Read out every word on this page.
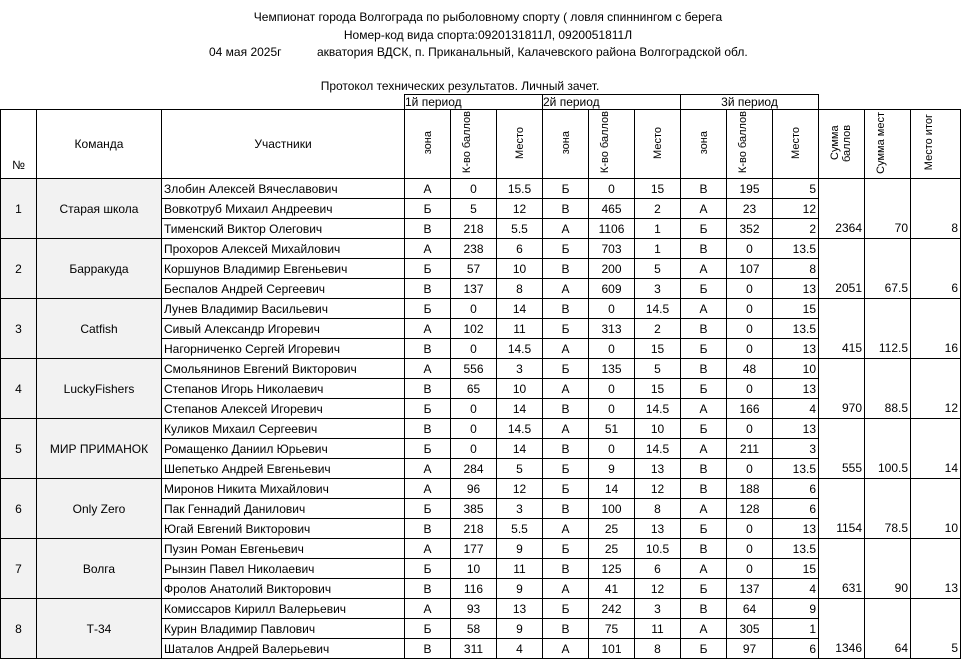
Чемпионат города Волгограда по рыболовному спорту ( ловля спиннингом с берега
Номер-код вида спорта:0920131811Л, 0920051811Л
04 мая 2025г	акватория ВДСК, п. Приканальный, Калачевского района Волгоградской обл.
Протокол технических результатов. Личный зачет.
			1й период			2й период			3й период					
№	Команда	Участники	зона	К-во баллов	Место	зона	К-во баллов	Место	зона	К-во баллов	Место	Сумма баллов	Сумма мест	Место итог
1	Старая школа	Злобин Алексей Вячеславович	А	0	15.5	Б	0	15	В	195	5			
		Вовкотруб Михаил Андреевич	Б	5	12	В	465	2	А	23	12			
		Тименский Виктор Олегович	В	218	5.5	А	1106	1	Б	352	2	2364	70	8
2	Барракуда	Прохоров Алексей Михайлович	А	238	6	Б	703	1	В	0	13.5			
		Коршунов Владимир Евгеньевич	Б	57	10	В	200	5	А	107	8			
		Беспалов Андрей Сергеевич	В	137	8	А	609	3	Б	0	13	2051	67.5	6
3	Catfish	Лунев Владимир Васильевич	Б	0	14	В	0	14.5	А	0	15			
		Сивый Александр Игоревич	А	102	11	Б	313	2	В	0	13.5			
		Нагорниченко Сергей Игоревич	В	0	14.5	А	0	15	Б	0	13	415	112.5	16
4	LuckyFishers	Смольянинов Евгений Викторович	А	556	3	Б	135	5	В	48	10			
		Степанов Игорь Николаевич	В	65	10	А	0	15	Б	0	13			
		Степанов Алексей Игоревич	Б	0	14	В	0	14.5	А	166	4	970	88.5	12
5	МИР ПРИМАНОК	Куликов Михаил Сергеевич	В	0	14.5	А	51	10	Б	0	13			
		Ромащенко Даниил Юрьевич	Б	0	14	В	0	14.5	А	211	3			
		Шепетько Андрей Евгеньевич	А	284	5	Б	9	13	В	0	13.5	555	100.5	14
6	Only Zero	Миронов Никита Михайлович	А	96	12	Б	14	12	В	188	6			
		Пак Геннадий Данилович	Б	385	3	В	100	8	А	128	6			
		Югай Евгений Викторович	В	218	5.5	А	25	13	Б	0	13	1154	78.5	10
7	Волга	Пузин Роман Евгеньевич	А	177	9	Б	25	10.5	В	0	13.5			
		Рынзин Павел Николаевич	Б	10	11	В	125	6	А	0	15			
		Фролов Анатолий Викторович	В	116	9	А	41	12	Б	137	4	631	90	13
8	Т-34	Комиссаров Кирилл Валерьевич	А	93	13	Б	242	3	В	64	9			
		Курин Владимир Павлович	Б	58	9	В	75	11	А	305	1			
		Шаталов Андрей Валерьевич	В	311	4	А	101	8	Б	97	6	1346	64	5
